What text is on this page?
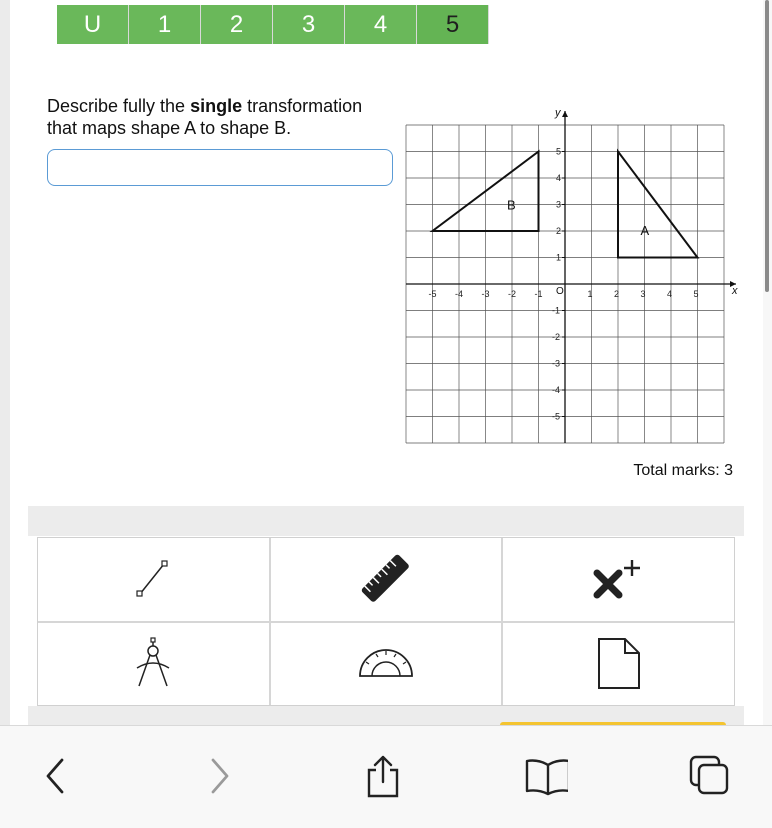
U	1	2	3	4	5
Describe fully the single transformation that maps shape A to shape B.
-5 -4 -3 -2 -1	1 2 3 4 5
5
4
3
2
1
-1
-2
-3
-4
-5
A
B
x
y
O
Total marks: 3
